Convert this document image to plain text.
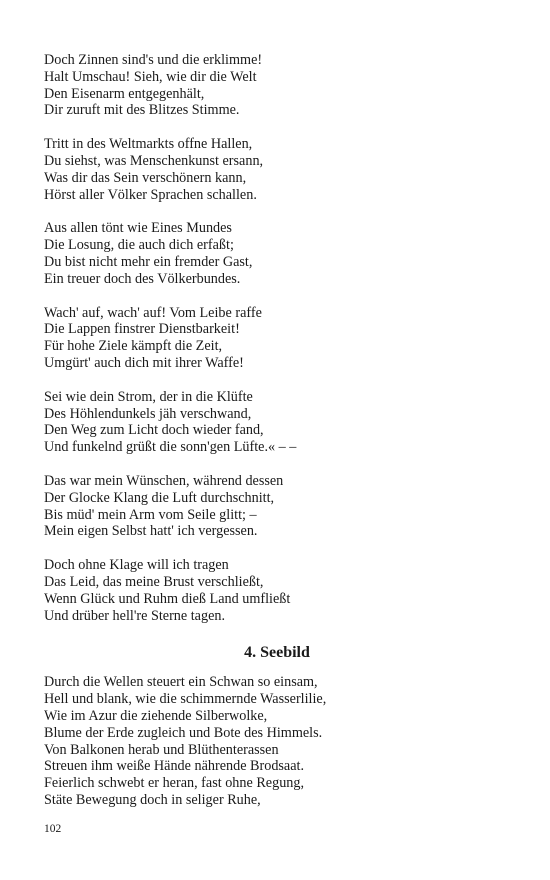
Doch Zinnen sind's und die erklimme!
Halt Umschau! Sieh, wie dir die Welt
Den Eisenarm entgegenhält,
Dir zuruft mit des Blitzes Stimme.
Tritt in des Weltmarkts offne Hallen,
Du siehst, was Menschenkunst ersann,
Was dir das Sein verschönern kann,
Hörst aller Völker Sprachen schallen.
Aus allen tönt wie Eines Mundes
Die Losung, die auch dich erfaßt;
Du bist nicht mehr ein fremder Gast,
Ein treuer doch des Völkerbundes.
Wach' auf, wach' auf! Vom Leibe raffe
Die Lappen finstrer Dienstbarkeit!
Für hohe Ziele kämpft die Zeit,
Umgürt' auch dich mit ihrer Waffe!
Sei wie dein Strom, der in die Klüfte
Des Höhlendunkels jäh verschwand,
Den Weg zum Licht doch wieder fand,
Und funkelnd grüßt die sonn'gen Lüfte.« – –
Das war mein Wünschen, während dessen
Der Glocke Klang die Luft durchschnitt,
Bis müd' mein Arm vom Seile glitt; –
Mein eigen Selbst hatt' ich vergessen.
Doch ohne Klage will ich tragen
Das Leid, das meine Brust verschließt,
Wenn Glück und Ruhm dieß Land umfließt
Und drüber hell're Sterne tagen.
4. Seebild
Durch die Wellen steuert ein Schwan so einsam,
Hell und blank, wie die schimmernde Wasserlilie,
Wie im Azur die ziehende Silberwolke,
Blume der Erde zugleich und Bote des Himmels.
Von Balkonen herab und Blüthenterassen
Streuen ihm weiße Hände nährende Brodsaat.
Feierlich schwebt er heran, fast ohne Regung,
Stäte Bewegung doch in seliger Ruhe,
102
